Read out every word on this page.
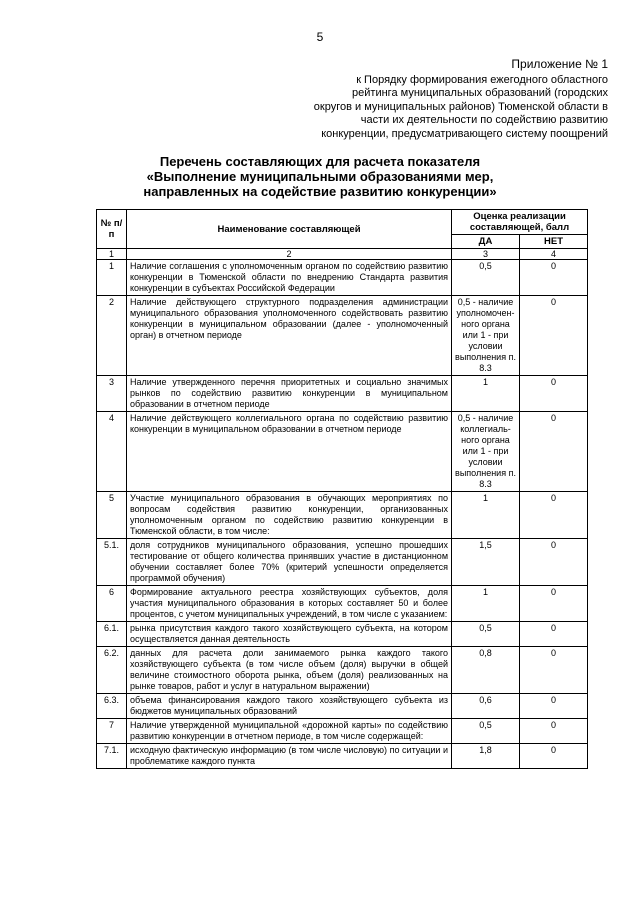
5
Приложение № 1
к Порядку формирования ежегодного областного
рейтинга муниципальных образований (городских
округов и муниципальных районов) Тюменской области в
части их деятельности по содействию развитию
конкуренции, предусматривающего систему поощрений
Перечень составляющих для расчета показателя
«Выполнение муниципальными образованиями мер,
направленных на содействие развитию конкуренции»
№ п/п	Наименование составляющей	Оценка реализации составляющей, балл	
		ДА	НЕТ
1	2	3	4
1	Наличие соглашения с уполномоченным органом по содействию развитию конкуренции в Тюменской области по внедрению Стандарта развития конкуренции в субъектах Российской Федерации	0,5	0
2	Наличие действующего структурного подразделения администрации муниципального образования уполномоченного содействовать развитию конкуренции в муниципальном образовании (далее - уполномоченный орган) в отчетном периоде	0,5 - наличие уполномочен-ного органа или 1 - при условии выполнения п. 8.3	0
3	Наличие утвержденного перечня приоритетных и социально значимых рынков по содействию развитию конкуренции в муниципальном образовании в отчетном периоде	1	0
4	Наличие действующего коллегиального органа по содействию развитию конкуренции в муниципальном образовании в отчетном периоде	0,5 - наличие коллегиаль-ного органа или 1 - при условии выполнения п. 8.3	0
5	Участие муниципального образования в обучающих мероприятиях по вопросам содействия развитию конкуренции, организованных уполномоченным органом по содействию развитию конкуренции в Тюменской области, в том числе:	1	0
5.1.	доля сотрудников муниципального образования, успешно прошедших тестирование от общего количества принявших участие в дистанционном обучении составляет более 70% (критерий успешности определяется программой обучения)	1,5	0
6	Формирование актуального реестра хозяйствующих субъектов, доля участия муниципального образования в которых составляет 50 и более процентов, с учетом муниципальных учреждений, в том числе с указанием:	1	0
6.1.	рынка присутствия каждого такого хозяйствующего субъекта, на котором осуществляется данная деятельность	0,5	0
6.2.	данных для расчета доли занимаемого рынка каждого такого хозяйствующего субъекта (в том числе объем (доля) выручки в общей величине стоимостного оборота рынка, объем (доля) реализованных на рынке товаров, работ и услуг в натуральном выражении)	0,8	0
6.3.	объема финансирования каждого такого хозяйствующего субъекта из бюджетов муниципальных образований	0,6	0
7	Наличие утвержденной муниципальной «дорожной карты» по содействию развитию конкуренции в отчетном периоде, в том числе содержащей:	0,5	0
7.1.	исходную фактическую информацию (в том числе числовую) по ситуации и проблематике каждого пункта	1,8	0
